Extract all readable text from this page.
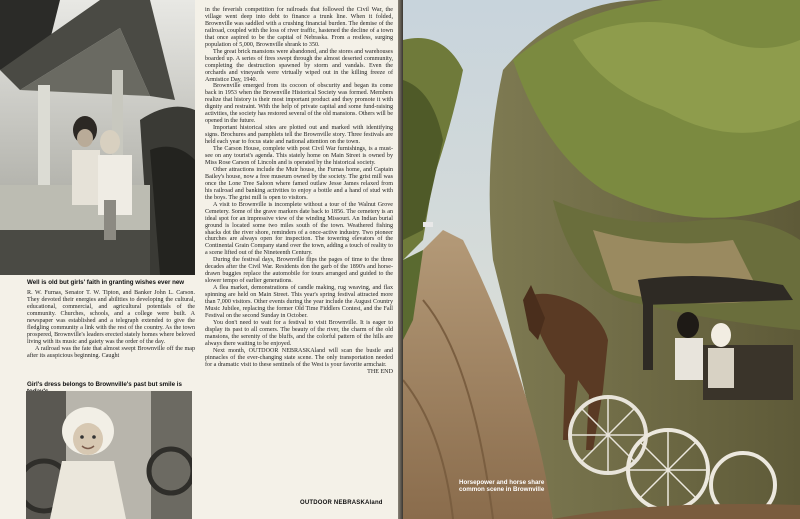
Well is old but girls' faith in granting wishes ever new

R. W. Furnas, Senator T. W. Tipton, and Banker John L. Carson. They devoted their energies and abilities to developing the cultural, educational, commercial, and agricultural potentials of the community. Churches, schools, and a college were built. A newspaper was established and a telegraph extended to give the fledgling community a link with the rest of the country. As the town prospered, Brownville's leaders erected stately homes where beloved living with its music and gaiety was the order of the day.

A railroad was the fate that almost swept Brownville off the map after its auspicious beginning. Caught

Girl's dress belongs to Brownville's past but smile is

in the feverish competition for railroads that followed the Civil War, the village went deep into debt to finance a trunk line. When it folded, Brownville was saddled with a crushing financial burden. The demise of the railroad, coupled with the loss of river traffic, hastened the decline of a town that once aspired to be the capital of Nebraska. From a restless, surging population of 5,000, Brownville shrank to 350.

The great brick mansions were abandoned, and the stores and warehouses boarded up. A series of fires swept through the almost deserted community, completing the destruction spawned by storm and vandals. Even the orchards and vineyards were virtually wiped out in the killing freeze of Armistice Day, 1940.

Brownville emerged from its cocoon of obscurity and began its come back in 1953 when the Brownville Historical Society was formed. Members realize that history is their most important product and they promote it with dignity and restraint. With the help of private capital and some fund-raising activities, the society has restored several of the old mansions. Others will be opened in the future.

Important historical sites are plotted out and marked with identifying signs. Brochures and pamphlets tell the Brownville story. Three festivals are held each year to focus state and national attention on the town.

The Carson House, complete with post Civil War furnishings, is a must-see on any tourist's agenda. This stately home on Main Street is owned by Miss Rose Carson of Lincoln and is operated by the historical society.

Other attractions include the Muir house, the Furnas home, and Captain Bailey's house, now a free museum owned by the society. The grist mill was once the Lone Tree Saloon where famed outlaw Jesse James relaxed from his railroad and banking activities to enjoy a bottle and a hand of stud with the boys. The grist mill is open to visitors.

A visit to Brownville is incomplete without a tour of the Walnut Grove Cemetery. Some of the grave markers date back to 1856. The cemetery is an ideal spot for an impressive view of the winding Missouri. An Indian burial ground is located some two miles south of the town. Weathered fishing shacks dot the river shore, reminders of a once-active industry. Two pioneer churches are always open for inspection. The towering elevators of the Continental Grain Company stand over the town, adding a touch of reality to a scene lifted out of the Nineteenth Century.

During the festival days, Brownville flips the pages of time to the three decades after the Civil War. Residents don the garb of the 1890's and horse-drawn buggies replace the automobile for tours arranged and guided to the slower tempo of earlier generations.

A flea market, demonstrations of candle making, rug weaving, and flax spinning are held on Main Street. This year's spring festival attracted more than 7,000 visitors. Other events during the year include the August Country Music Jubilee, replacing the former Old Time Fiddlers Contest, and the Fall Festival on the second Sunday in October.

You don't need to wait for a festival to visit Brownville. It is eager to display its past to all comers. The beauty of the river, the charm of the old mansions, the serenity of the bluffs, and the colorful pattern of the hills are always there waiting to be enjoyed.

Next month, OUTDOOR NEBRASKAland will scan the bustle and pinnacles of the ever-changing state scene. The only transportation needed for a dramatic visit to these sentinels of the West is your favorite armchair.

THE END
OUTDOOR NEBRASKAland
Horsepower and horse share common scene in Brownville
